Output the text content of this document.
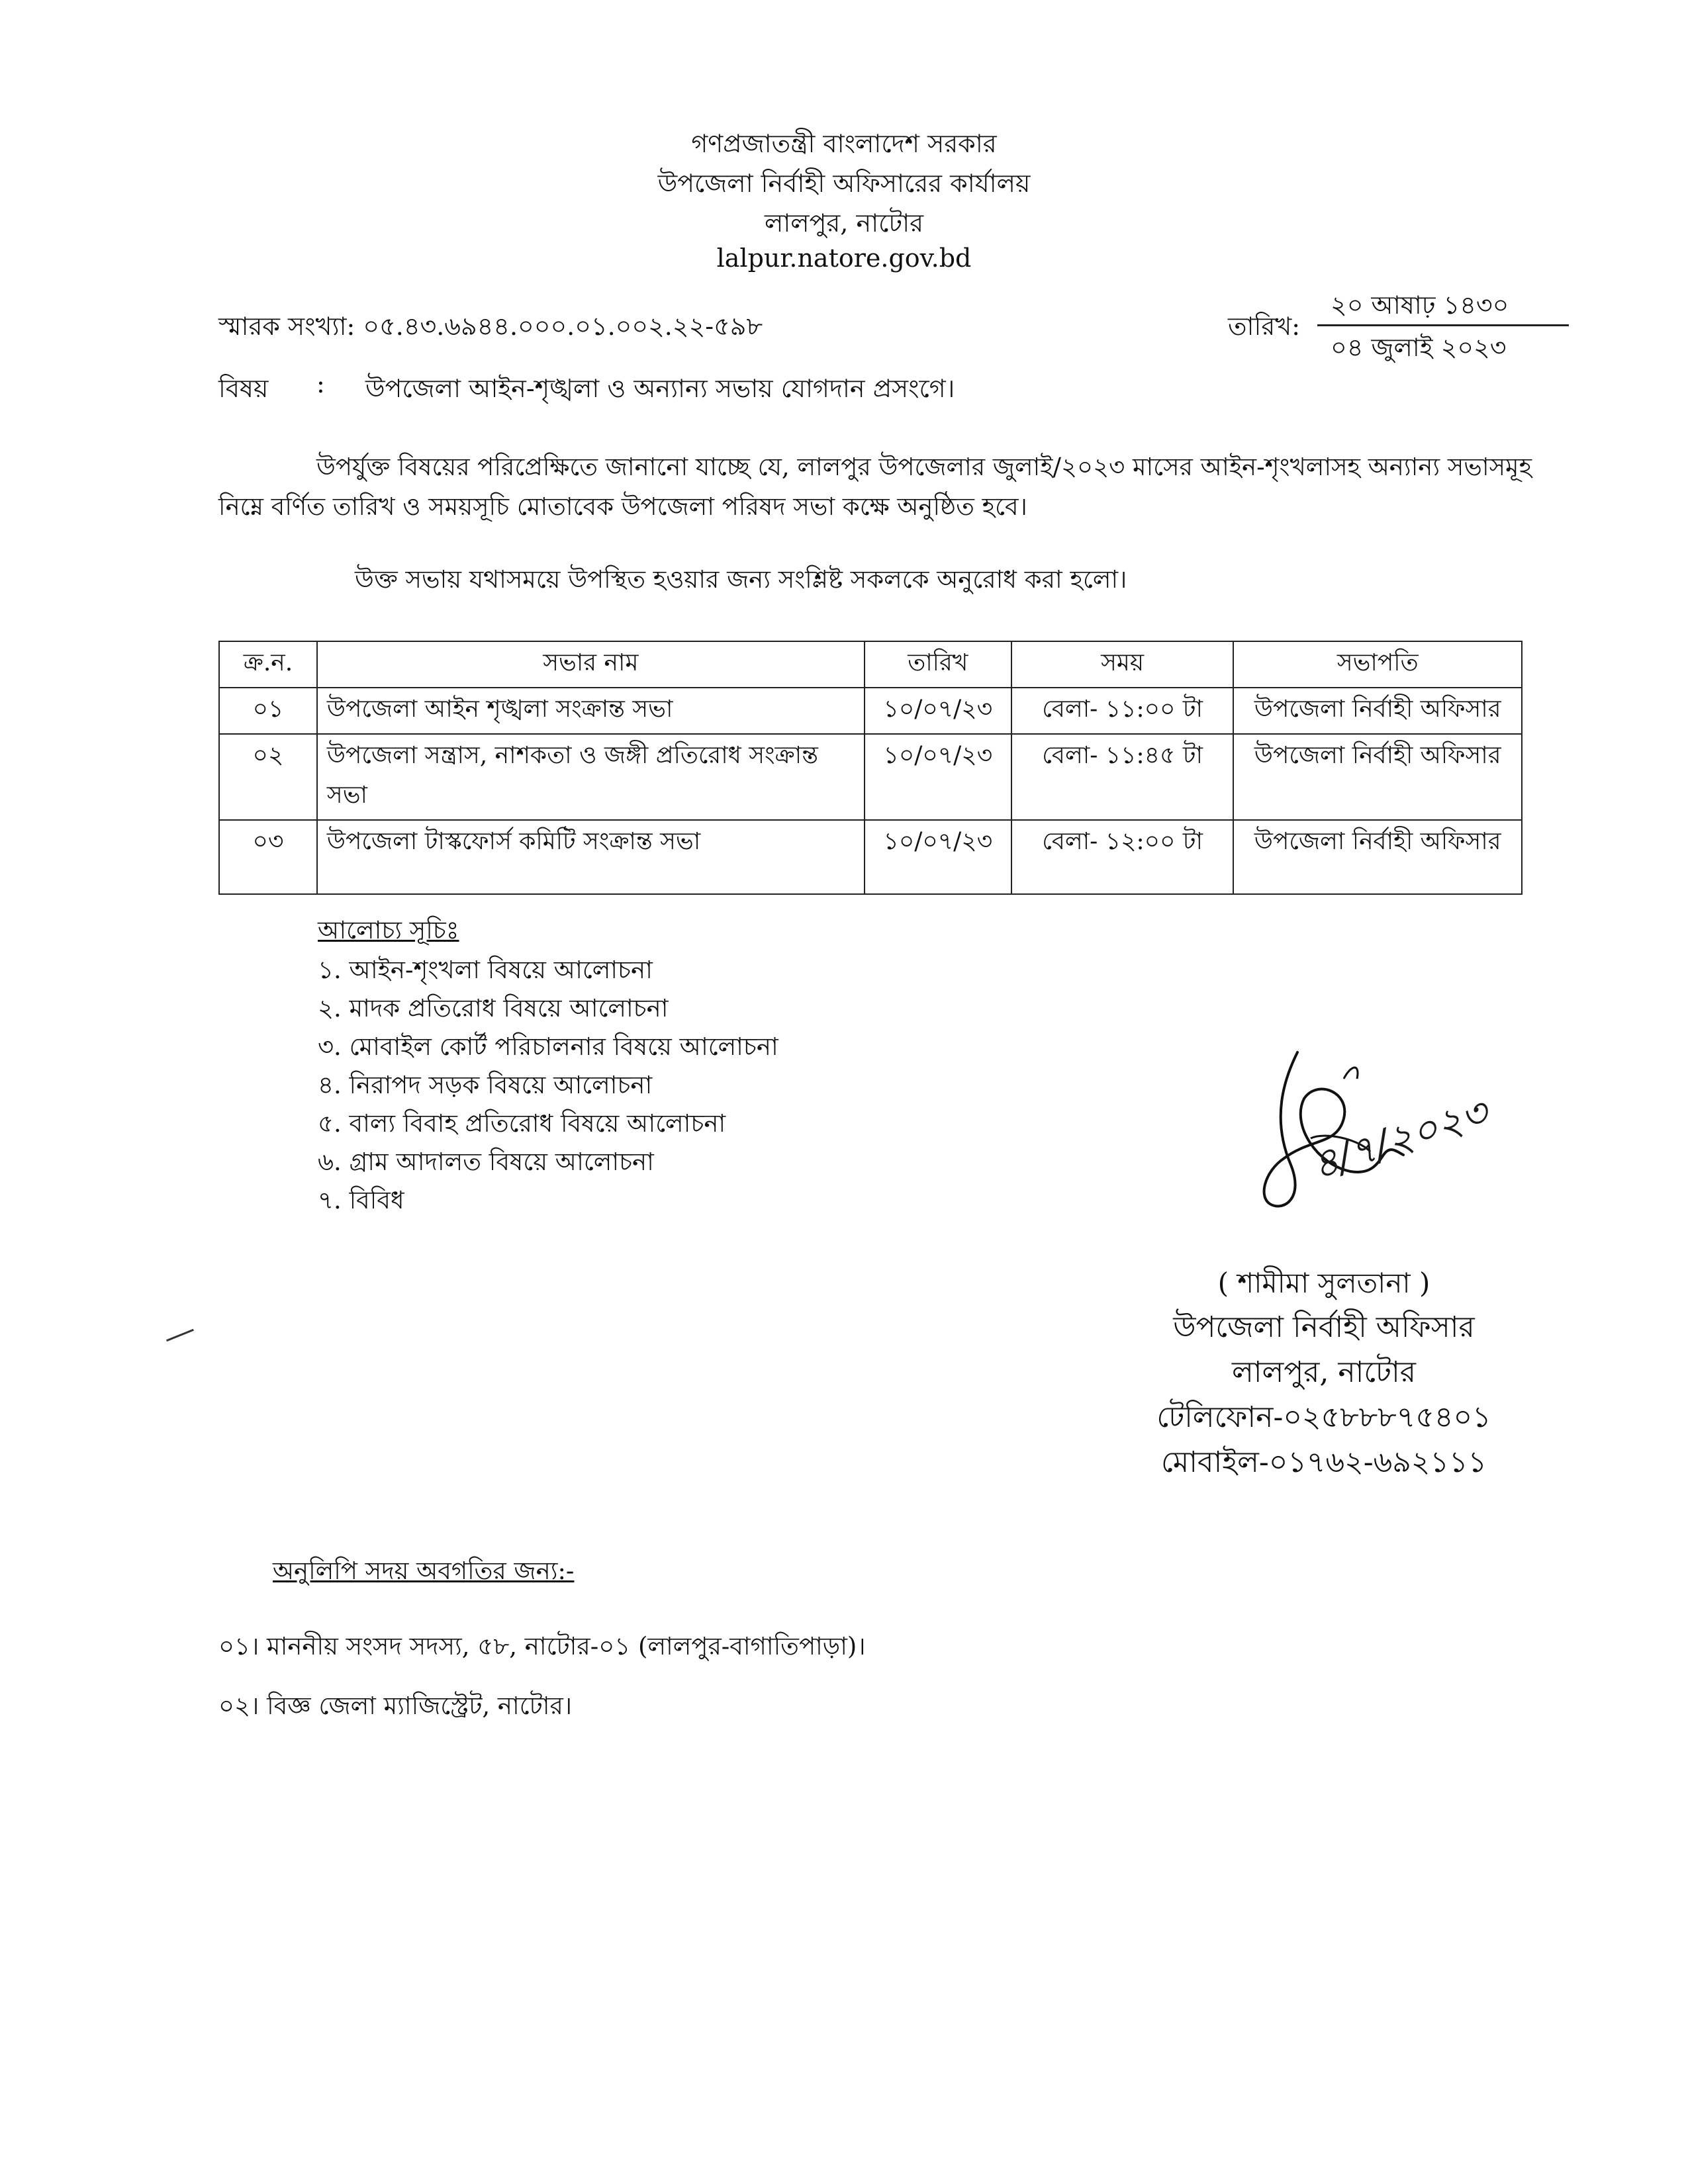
গণপ্রজাতন্ত্রী বাংলাদেশ সরকার
উপজেলা নির্বাহী অফিসারের কার্যালয়
লালপুর, নাটোর
lalpur.natore.gov.bd
স্মারক সংখ্যা: ০৫.৪৩.৬৯৪৪.০০০.০১.০০২.২২-৫৯৮	তারিখ:
২০ আষাঢ় ১৪৩০
০৪ জুলাই ২০২৩
বিষয় : উপজেলা আইন-শৃঙ্খলা ও অন্যান্য সভায় যোগদান প্রসংগে।
উপর্যুক্ত বিষয়ের পরিপ্রেক্ষিতে জানানো যাচ্ছে যে, লালপুর উপজেলার জুলাই/২০২৩ মাসের আইন-শৃংখলাসহ অন্যান্য সভাসমূহ
নিম্নে বর্ণিত তারিখ ও সময়সূচি মোতাবেক উপজেলা পরিষদ সভা কক্ষে অনুষ্ঠিত হবে।
উক্ত সভায় যথাসময়ে উপস্থিত হওয়ার জন্য সংশ্লিষ্ট সকলকে অনুরোধ করা হলো।
ক্র.ন.	সভার নাম	তারিখ	সময়	সভাপতি
০১	উপজেলা আইন শৃঙ্খলা সংক্রান্ত সভা	১০/০৭/২৩	বেলা- ১১:০০ টা	উপজেলা নির্বাহী অফিসার
০২	উপজেলা সন্ত্রাস, নাশকতা ও জঙ্গী প্রতিরোধ সংক্রান্ত সভা	১০/০৭/২৩	বেলা- ১১:৪৫ টা	উপজেলা নির্বাহী অফিসার
০৩	উপজেলা টাস্কফোর্স কমিটি সংক্রান্ত সভা	১০/০৭/২৩	বেলা- ১২:০০ টা	উপজেলা নির্বাহী অফিসার
আলোচ্য সূচিঃ
১. আইন-শৃংখলা বিষয়ে আলোচনা
২. মাদক প্রতিরোধ বিষয়ে আলোচনা
৩. মোবাইল কোর্ট পরিচালনার বিষয়ে আলোচনা
৪. নিরাপদ সড়ক বিষয়ে আলোচনা
৫. বাল্য বিবাহ প্রতিরোধ বিষয়ে আলোচনা
৬. গ্রাম আদালত বিষয়ে আলোচনা
৭. বিবিধ
৪/৭/২০২৩
( শামীমা সুলতানা )
উপজেলা নির্বাহী অফিসার
লালপুর, নাটোর
টেলিফোন-০২৫৮৮৮৭৫৪০১
মোবাইল-০১৭৬২-৬৯২১১১
অনুলিপি সদয় অবগতির জন্য:-
০১। মাননীয় সংসদ সদস্য, ৫৮, নাটোর-০১ (লালপুর-বাগাতিপাড়া)।
০২। বিজ্ঞ জেলা ম্যাজিস্ট্রেট, নাটোর।
